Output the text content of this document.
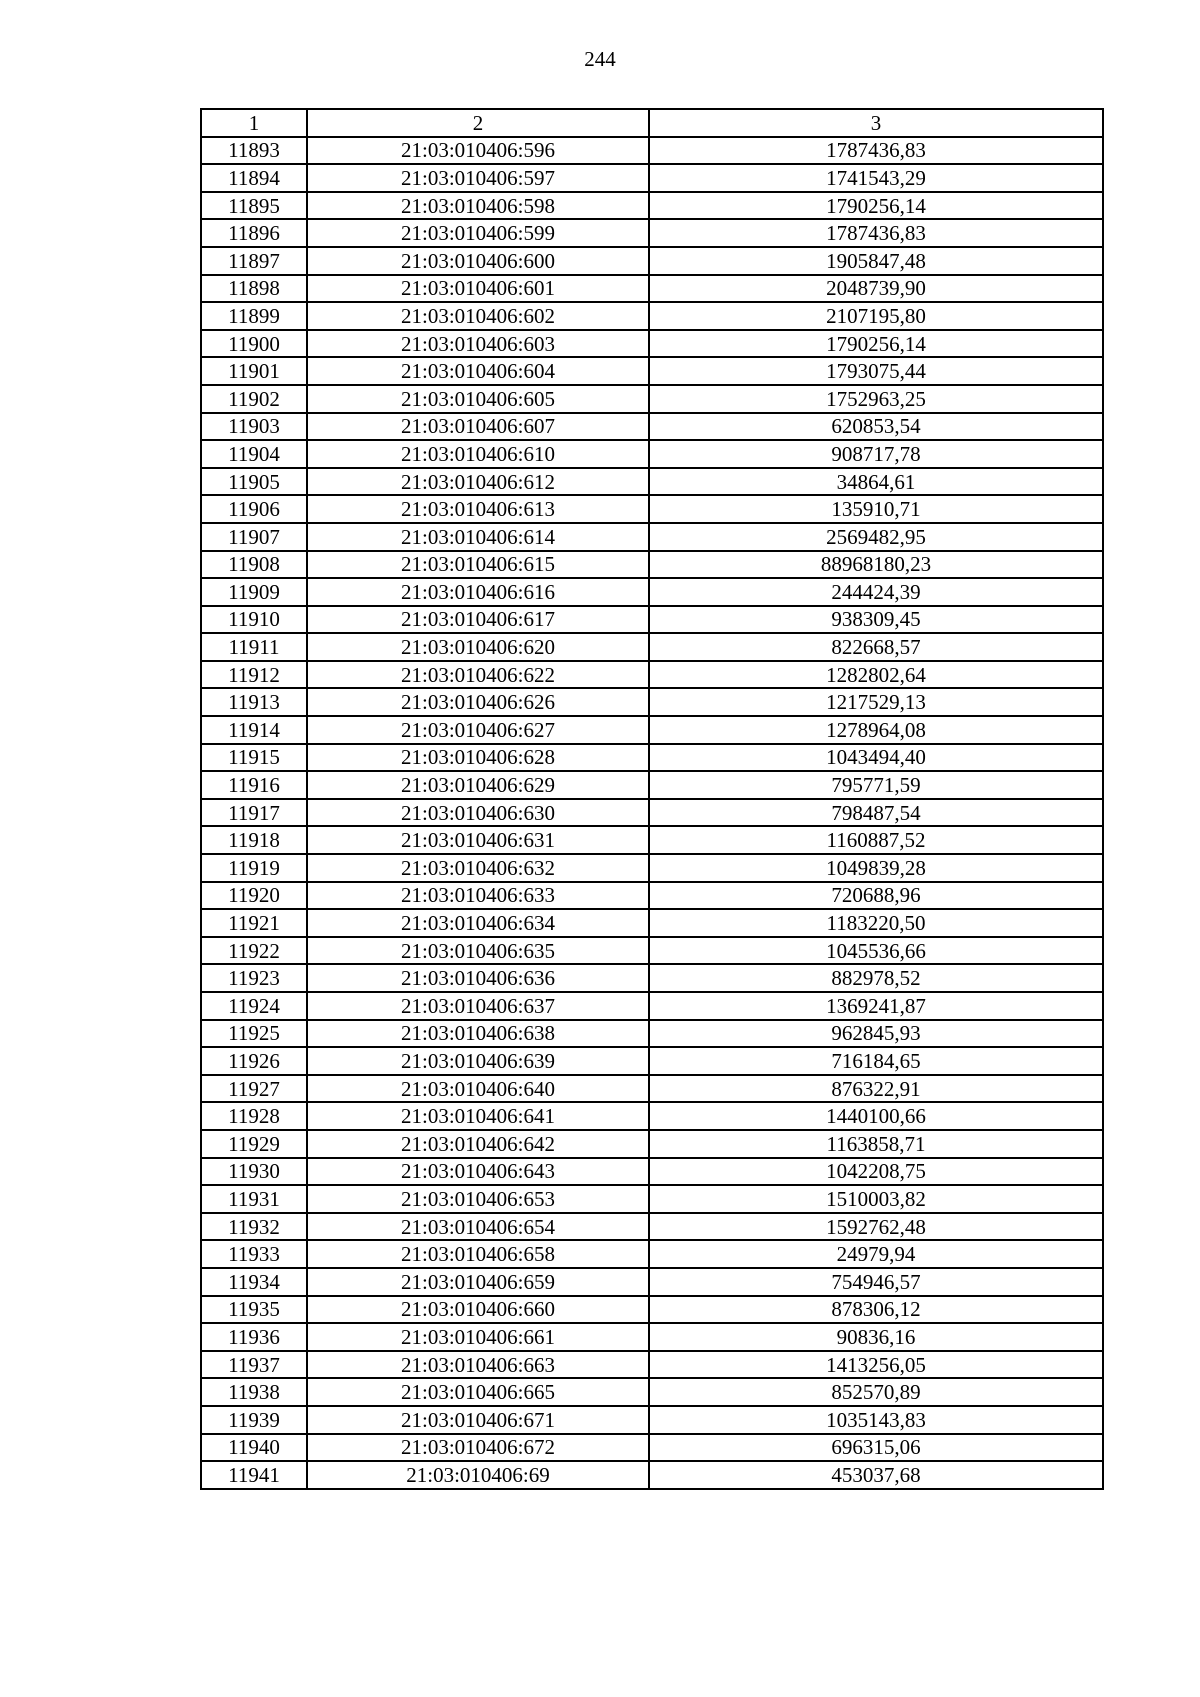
244
1	2	3
11893	21:03:010406:596	1787436,83
11894	21:03:010406:597	1741543,29
11895	21:03:010406:598	1790256,14
11896	21:03:010406:599	1787436,83
11897	21:03:010406:600	1905847,48
11898	21:03:010406:601	2048739,90
11899	21:03:010406:602	2107195,80
11900	21:03:010406:603	1790256,14
11901	21:03:010406:604	1793075,44
11902	21:03:010406:605	1752963,25
11903	21:03:010406:607	620853,54
11904	21:03:010406:610	908717,78
11905	21:03:010406:612	34864,61
11906	21:03:010406:613	135910,71
11907	21:03:010406:614	2569482,95
11908	21:03:010406:615	88968180,23
11909	21:03:010406:616	244424,39
11910	21:03:010406:617	938309,45
11911	21:03:010406:620	822668,57
11912	21:03:010406:622	1282802,64
11913	21:03:010406:626	1217529,13
11914	21:03:010406:627	1278964,08
11915	21:03:010406:628	1043494,40
11916	21:03:010406:629	795771,59
11917	21:03:010406:630	798487,54
11918	21:03:010406:631	1160887,52
11919	21:03:010406:632	1049839,28
11920	21:03:010406:633	720688,96
11921	21:03:010406:634	1183220,50
11922	21:03:010406:635	1045536,66
11923	21:03:010406:636	882978,52
11924	21:03:010406:637	1369241,87
11925	21:03:010406:638	962845,93
11926	21:03:010406:639	716184,65
11927	21:03:010406:640	876322,91
11928	21:03:010406:641	1440100,66
11929	21:03:010406:642	1163858,71
11930	21:03:010406:643	1042208,75
11931	21:03:010406:653	1510003,82
11932	21:03:010406:654	1592762,48
11933	21:03:010406:658	24979,94
11934	21:03:010406:659	754946,57
11935	21:03:010406:660	878306,12
11936	21:03:010406:661	90836,16
11937	21:03:010406:663	1413256,05
11938	21:03:010406:665	852570,89
11939	21:03:010406:671	1035143,83
11940	21:03:010406:672	696315,06
11941	21:03:010406:69	453037,68
